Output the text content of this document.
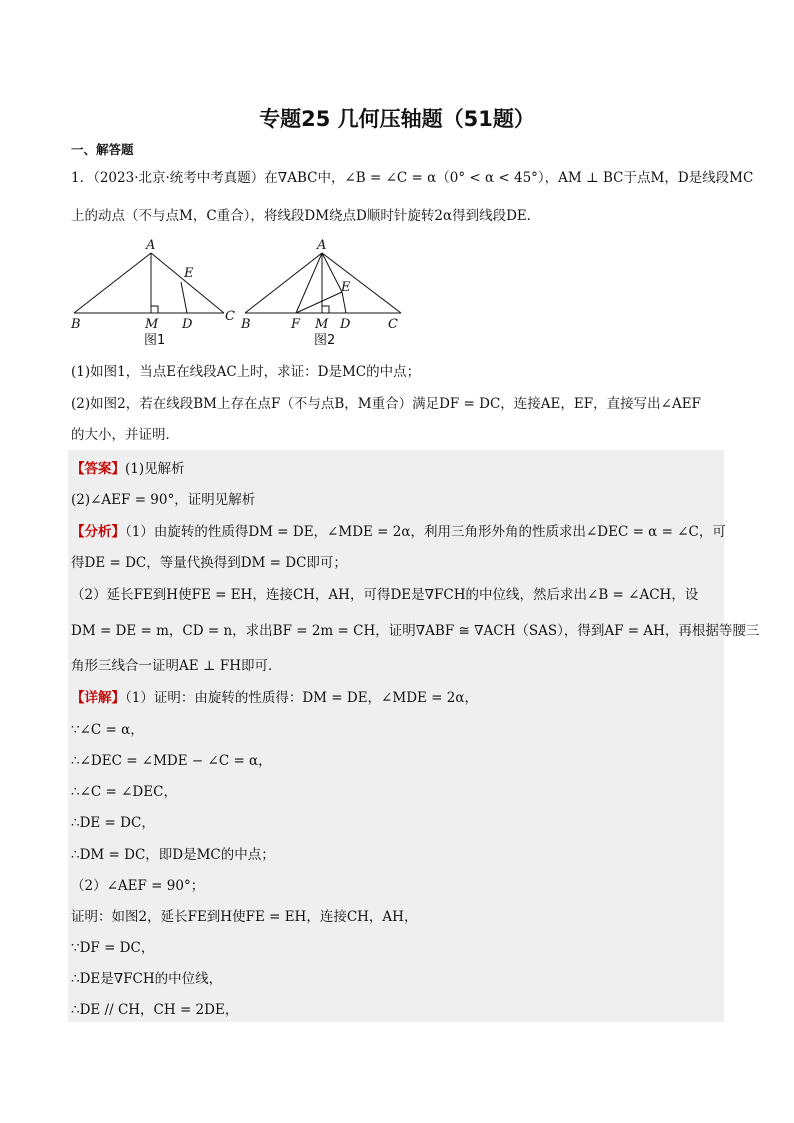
专题25 几何压轴题（51题）
一、解答题
1．（2023·北京·统考中考真题）在∇ABC中，∠B = ∠C = α（0° < α < 45°），AM ⊥ BC于点M，D是线段MC
上的动点（不与点M，C重合），将线段DM绕点D顺时针旋转2α得到线段DE．
A
E
B	M D
C
图1
A
E
B	F M D	C
图2
(1)如图1，当点E在线段AC上时，求证：D是MC的中点；
(2)如图2，若在线段BM上存在点F（不与点B，M重合）满足DF = DC，连接AE，EF，直接写出∠AEF
的大小，并证明．
【答案】(1)见解析
(2)∠AEF = 90°，证明见解析
【分析】（1）由旋转的性质得DM = DE，∠MDE = 2α，利用三角形外角的性质求出∠DEC = α = ∠C，可
得DE = DC，等量代换得到DM = DC即可；
（2）延长FE到H使FE = EH，连接CH，AH，可得DE是∇FCH的中位线，然后求出∠B = ∠ACH，设
DM = DE = m，CD = n，求出BF = 2m = CH，证明∇ABF ≅ ∇ACH（SAS），得到AF = AH，再根据等腰三
角形三线合一证明AE ⊥ FH即可．
【详解】（1）证明：由旋转的性质得：DM = DE，∠MDE = 2α，
∵∠C = α，
∴∠DEC = ∠MDE − ∠C = α，
∴∠C = ∠DEC，
∴DE = DC，
∴DM = DC，即D是MC的中点；
（2）∠AEF = 90°；
证明：如图2，延长FE到H使FE = EH，连接CH，AH，
∵DF = DC，
∴DE是∇FCH的中位线，
∴DE // CH，CH = 2DE，
